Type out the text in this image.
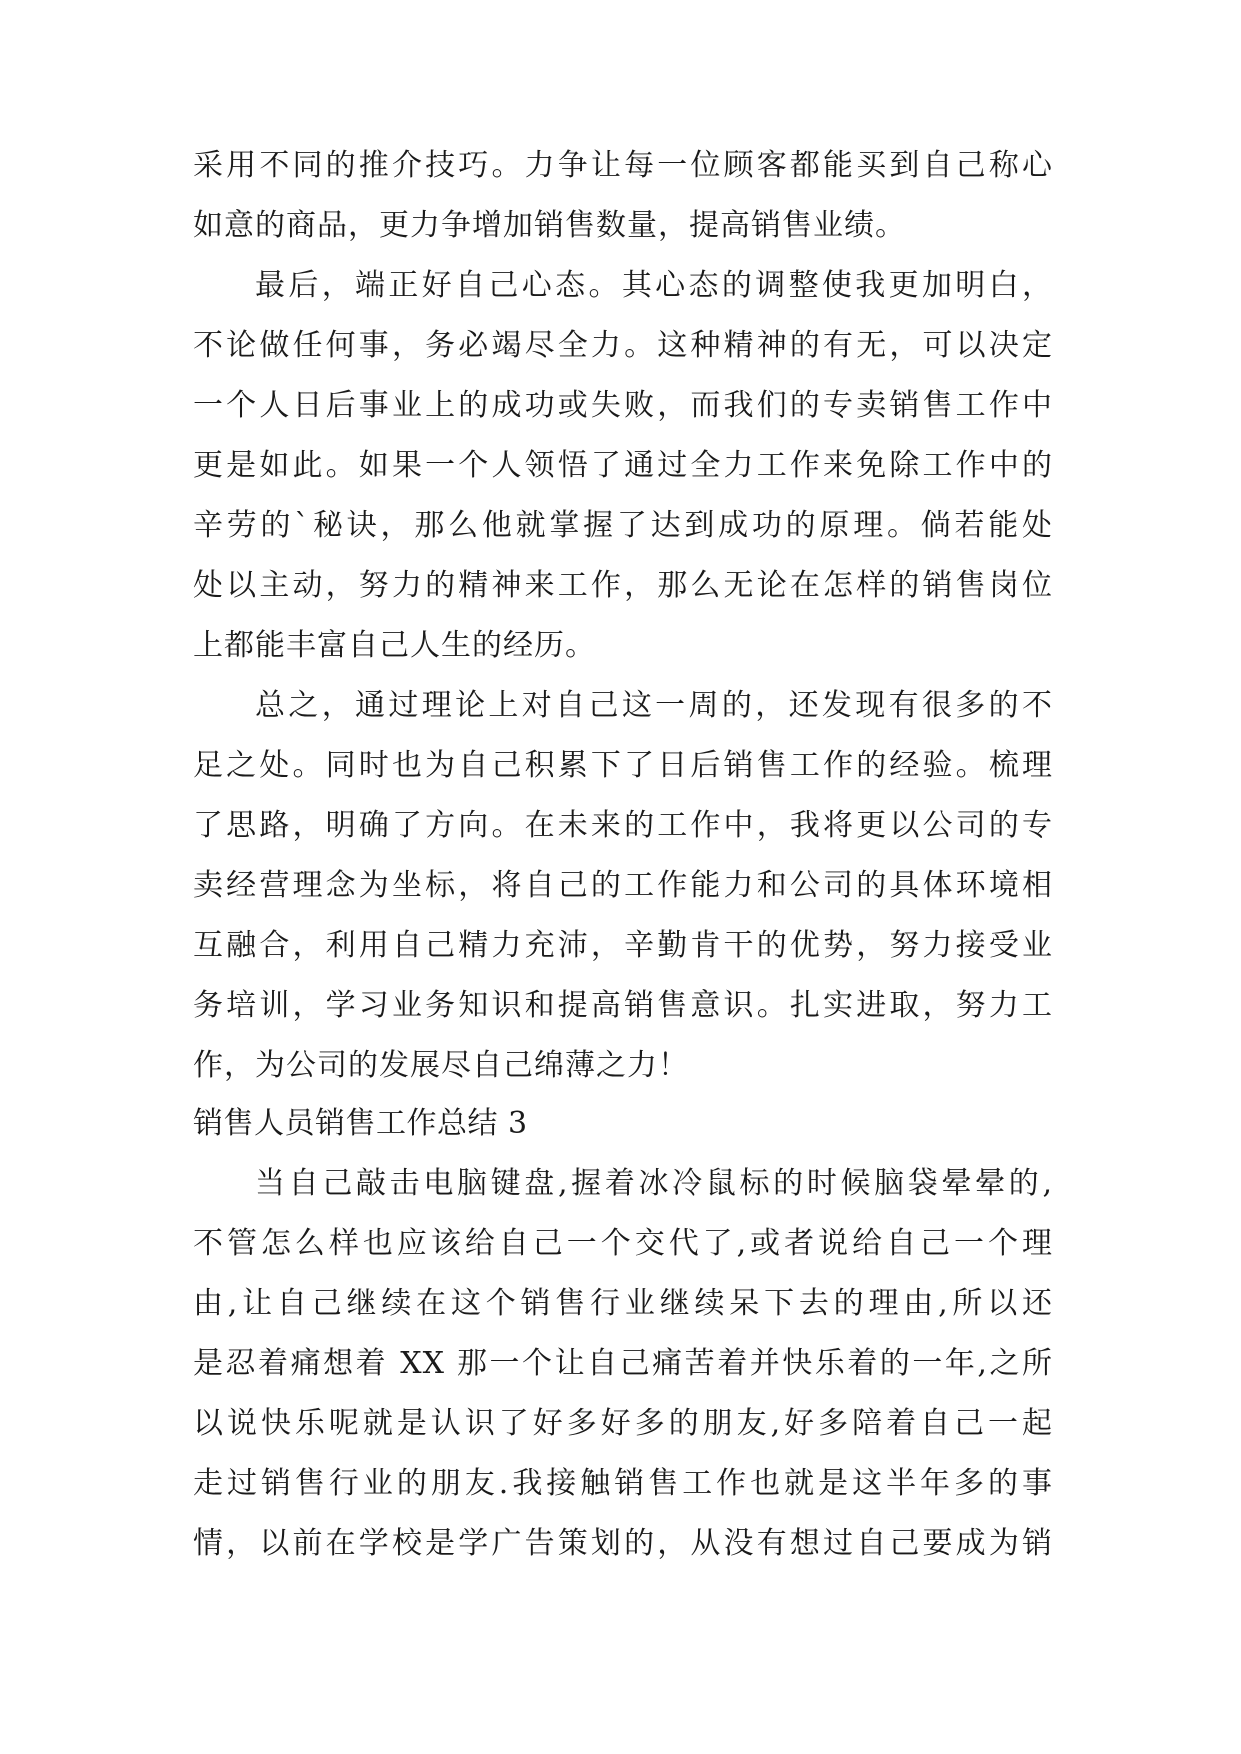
采用不同的推介技巧。力争让每一位顾客都能买到自己称心
如意的商品，更力争增加销售数量，提高销售业绩。
最后，端正好自己心态。其心态的调整使我更加明白，
不论做任何事，务必竭尽全力。这种精神的有无，可以决定
一个人日后事业上的成功或失败，而我们的专卖销售工作中
更是如此。如果一个人领悟了通过全力工作来免除工作中的
辛劳的`秘诀，那么他就掌握了达到成功的原理。倘若能处
处以主动，努力的精神来工作，那么无论在怎样的销售岗位
上都能丰富自己人生的经历。
总之，通过理论上对自己这一周的，还发现有很多的不
足之处。同时也为自己积累下了日后销售工作的经验。梳理
了思路，明确了方向。在未来的工作中，我将更以公司的专
卖经营理念为坐标，将自己的工作能力和公司的具体环境相
互融合，利用自己精力充沛，辛勤肯干的优势，努力接受业
务培训，学习业务知识和提高销售意识。扎实进取，努力工
作，为公司的发展尽自己绵薄之力！
销售人员销售工作总结 3
当自己敲击电脑键盘,握着冰冷鼠标的时候脑袋晕晕的,
不管怎么样也应该给自己一个交代了,或者说给自己一个理
由,让自己继续在这个销售行业继续呆下去的理由,所以还
是忍着痛想着 XX 那一个让自己痛苦着并快乐着的一年,之所
以说快乐呢就是认识了好多好多的朋友,好多陪着自己一起
走过销售行业的朋友.我接触销售工作也就是这半年多的事
情，以前在学校是学广告策划的，从没有想过自己要成为销
